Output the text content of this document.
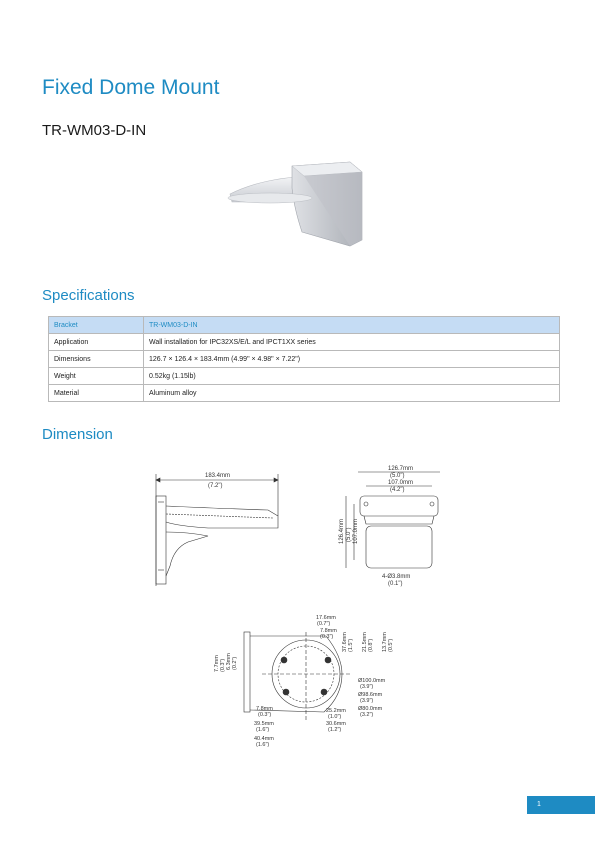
Fixed Dome Mount
TR-WM03-D-IN
Specifications
Bracket	TR-WM03-D-IN
Application	Wall installation for IPC32XS/E/L and IPCT1XX series
Dimensions	126.7 × 126.4 × 183.4mm (4.99" × 4.98" × 7.22")
Weight	0.52kg (1.15lb)
Material	Aluminum alloy
Dimension
183.4mm
(7.2")
126.7mm
(5.0")
107.0mm
(4.2")
126.4mm (5.0") 107.0mm
4-Ø3.8mm
(0.1")
17.6mm
(0.7")
7.8mm
(0.3")
7.7mm (0.3") 6.3mm (0.2")
37.6mm (1.5") 21.5mm (0.8") 13.7mm (0.5")
Ø100.0mm
(3.9")
Ø98.6mm
(3.9")
Ø80.0mm
(3.2")
7.8mm
(0.3")
39.5mm
(1.6")
40.4mm
(1.6")
25.2mm
(1.0")
30.6mm
(1.2")
1
